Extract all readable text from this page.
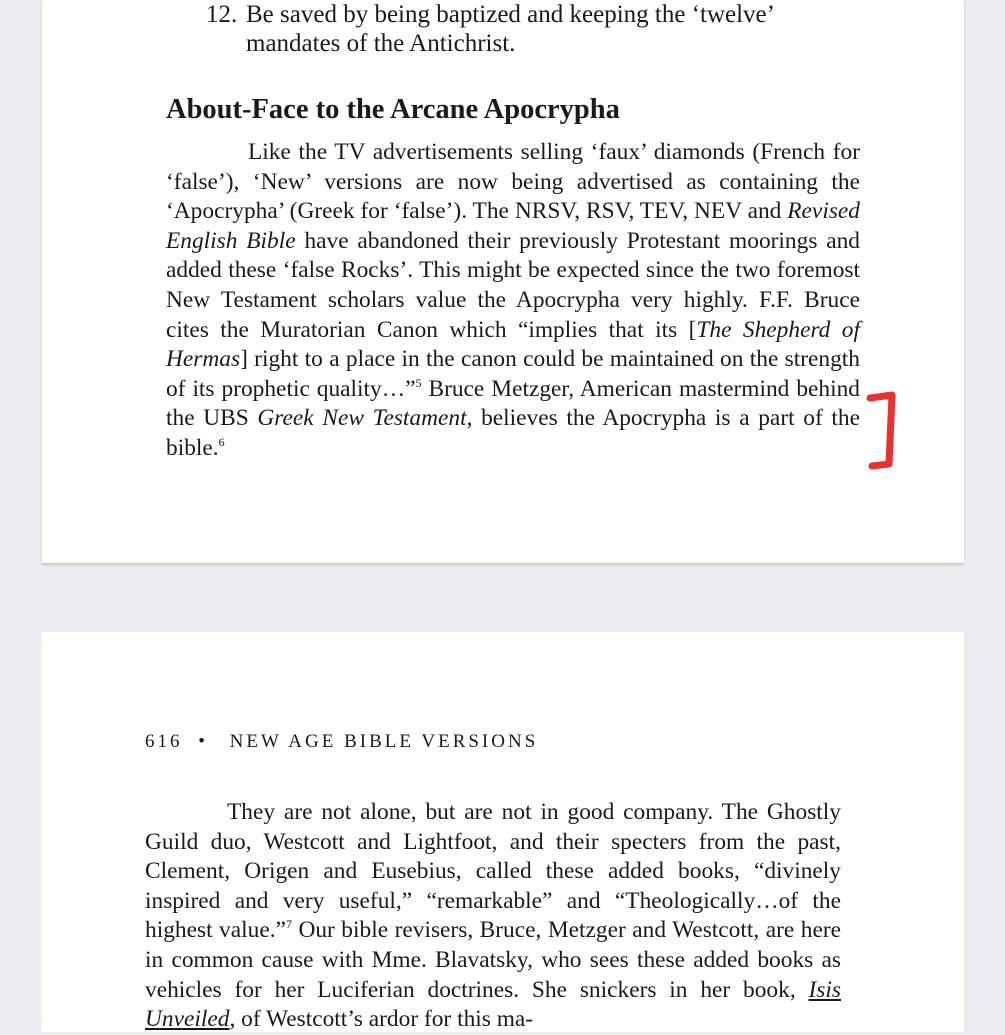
12. Be saved by being baptized and keeping the ‘twelve’ mandates of the Antichrist.
About-Face to the Arcane Apocrypha

Like the TV advertisements selling ‘faux’ diamonds (French for ‘false’), ‘New’ versions are now being advertised as containing the ‘Apocrypha’ (Greek for ‘false’). The NRSV, RSV, TEV, NEV and Revised English Bible have abandoned their previously Protestant moorings and added these ‘false Rocks’. This might be expected since the two foremost New Testament scholars value the Apocrypha very highly. F.F. Bruce cites the Muratorian Canon which “implies that its [The Shepherd of Hermas] right to a place in the canon could be maintained on the strength of its prophetic quality…”$^5$ Bruce Metzger, American mastermind behind the UBS Greek New Testament, believes the Apocrypha is a part of the bible.$^6$

616 • NEW AGE BIBLE VERSIONS

They are not alone, but are not in good company. The Ghostly Guild duo, Westcott and Lightfoot, and their specters from the past, Clement, Origen and Eusebius, called these added books, “divinely inspired and very useful,” “remarkable” and “Theologically…of the highest value.”$^7$ Our bible revisers, Bruce, Metzger and Westcott, are here in common cause with Mme. Blavatsky, who sees these added books as vehicles for her Luciferian doctrines. She snickers in her book, Isis Unveiled, of Westcott’s ardor for this ma-
